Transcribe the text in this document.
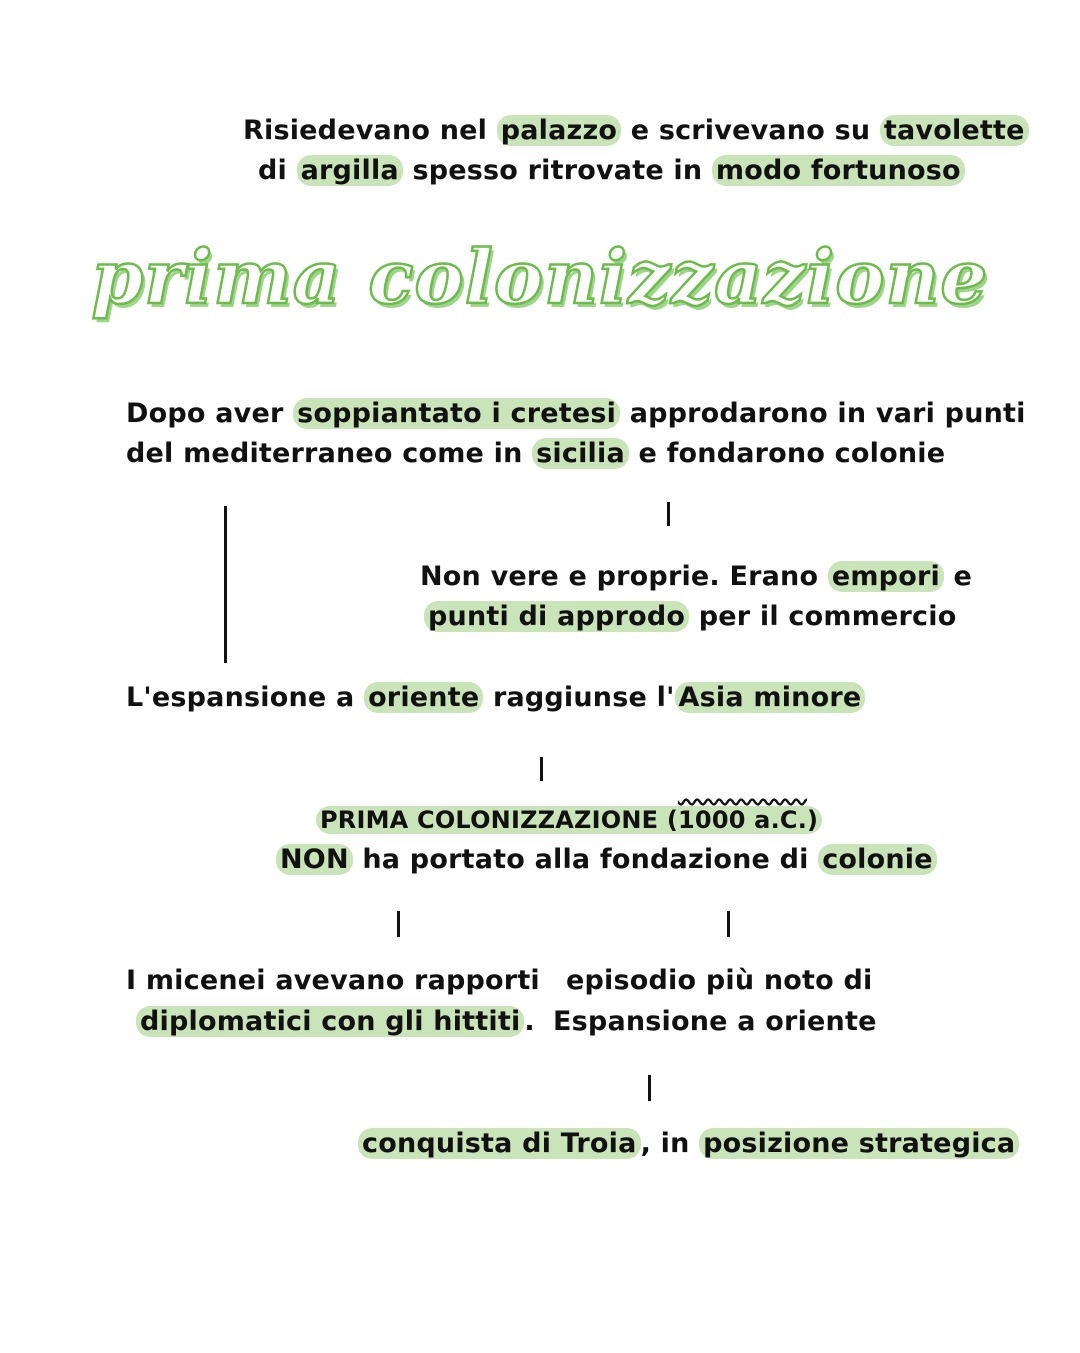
Risiedevano nel palazzo e scrivevano su tavolette
di argilla spesso ritrovate in modo fortunoso
prima colonizzazione
Dopo aver soppiantato i cretesi approdarono in vari punti
del mediterraneo come in sicilia e fondarono colonie
Non vere e proprie. Erano empori e
punti di approdo per il commercio
L'espansione a oriente raggiunse l' Asia minore
PRIMA COLONIZZAZIONE (1000 a.C.)
NON ha portato alla fondazione di colonie
I micenei avevano rapporti
diplomatici con gli hittiti .
episodio più noto di
Espansione a oriente
conquista di Troia , in posizione strategica
